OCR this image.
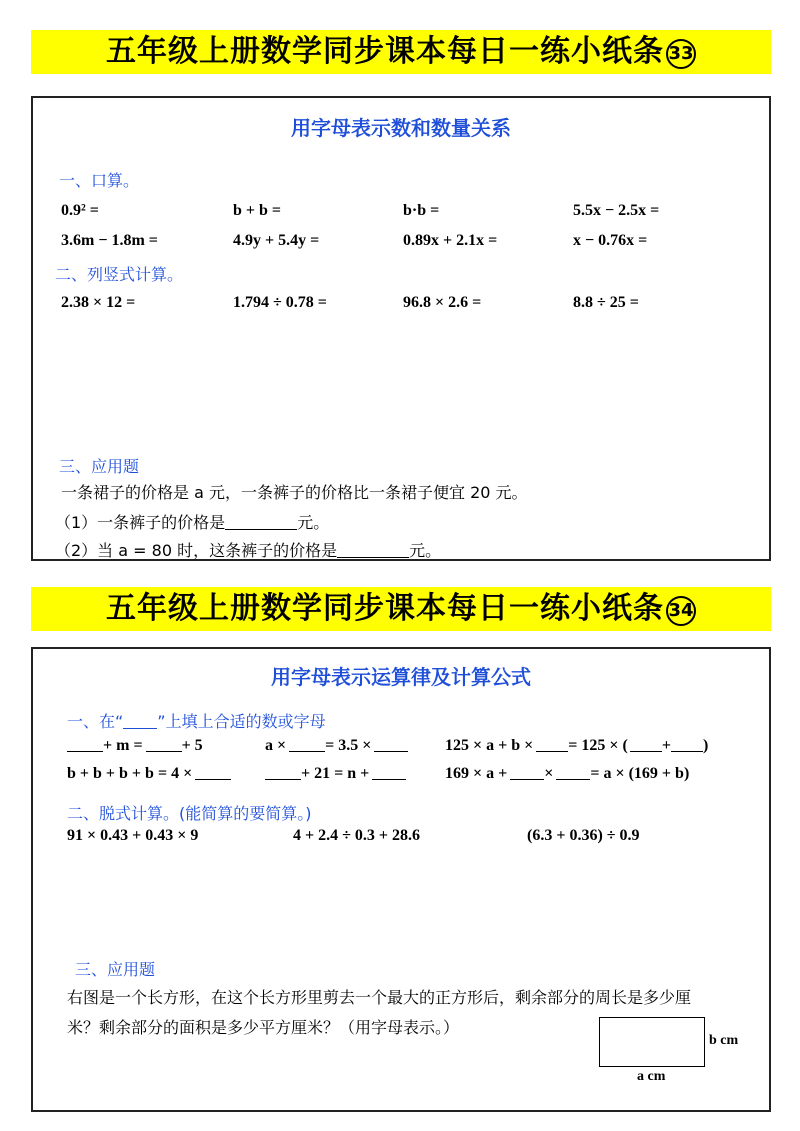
五年级上册数学同步课本每日一练小纸条 33
用字母表示数和数量关系
一、口算。
0.9² =	b + b =	b·b =	5.5x − 2.5x =
3.6m − 1.8m =	4.9y + 5.4y =	0.89x + 2.1x =	x − 0.76x =
二、列竖式计算。
2.38 × 12 =	1.794 ÷ 0.78 =	96.8 × 2.6 =	8.8 ÷ 25 =
三、应用题
一条裙子的价格是 a 元，一条裤子的价格比一条裙子便宜 20 元。
（1）一条裤子的价格是	元。
（2）当 a = 80 时，这条裤子的价格是	元。
五年级上册数学同步课本每日一练小纸条 34
用字母表示运算律及计算公式
一、在“ ”上填上合适的数或字母
+ m = + 5	a × = 3.5 ×	125 × a + b × = 125 × ( + )
b + b + b + b = 4 ×	+ 21 = n +	169 × a + × = a × (169 + b)
二、脱式计算。(能简算的要简算。)
91 × 0.43 + 0.43 × 9	4 + 2.4 ÷ 0.3 + 28.6	(6.3 + 0.36) ÷ 0.9
三、应用题
右图是一个长方形，在这个长方形里剪去一个最大的正方形后，剩余部分的周长是多少厘
米？剩余部分的面积是多少平方厘米？（用字母表示。）
b cm
a cm
